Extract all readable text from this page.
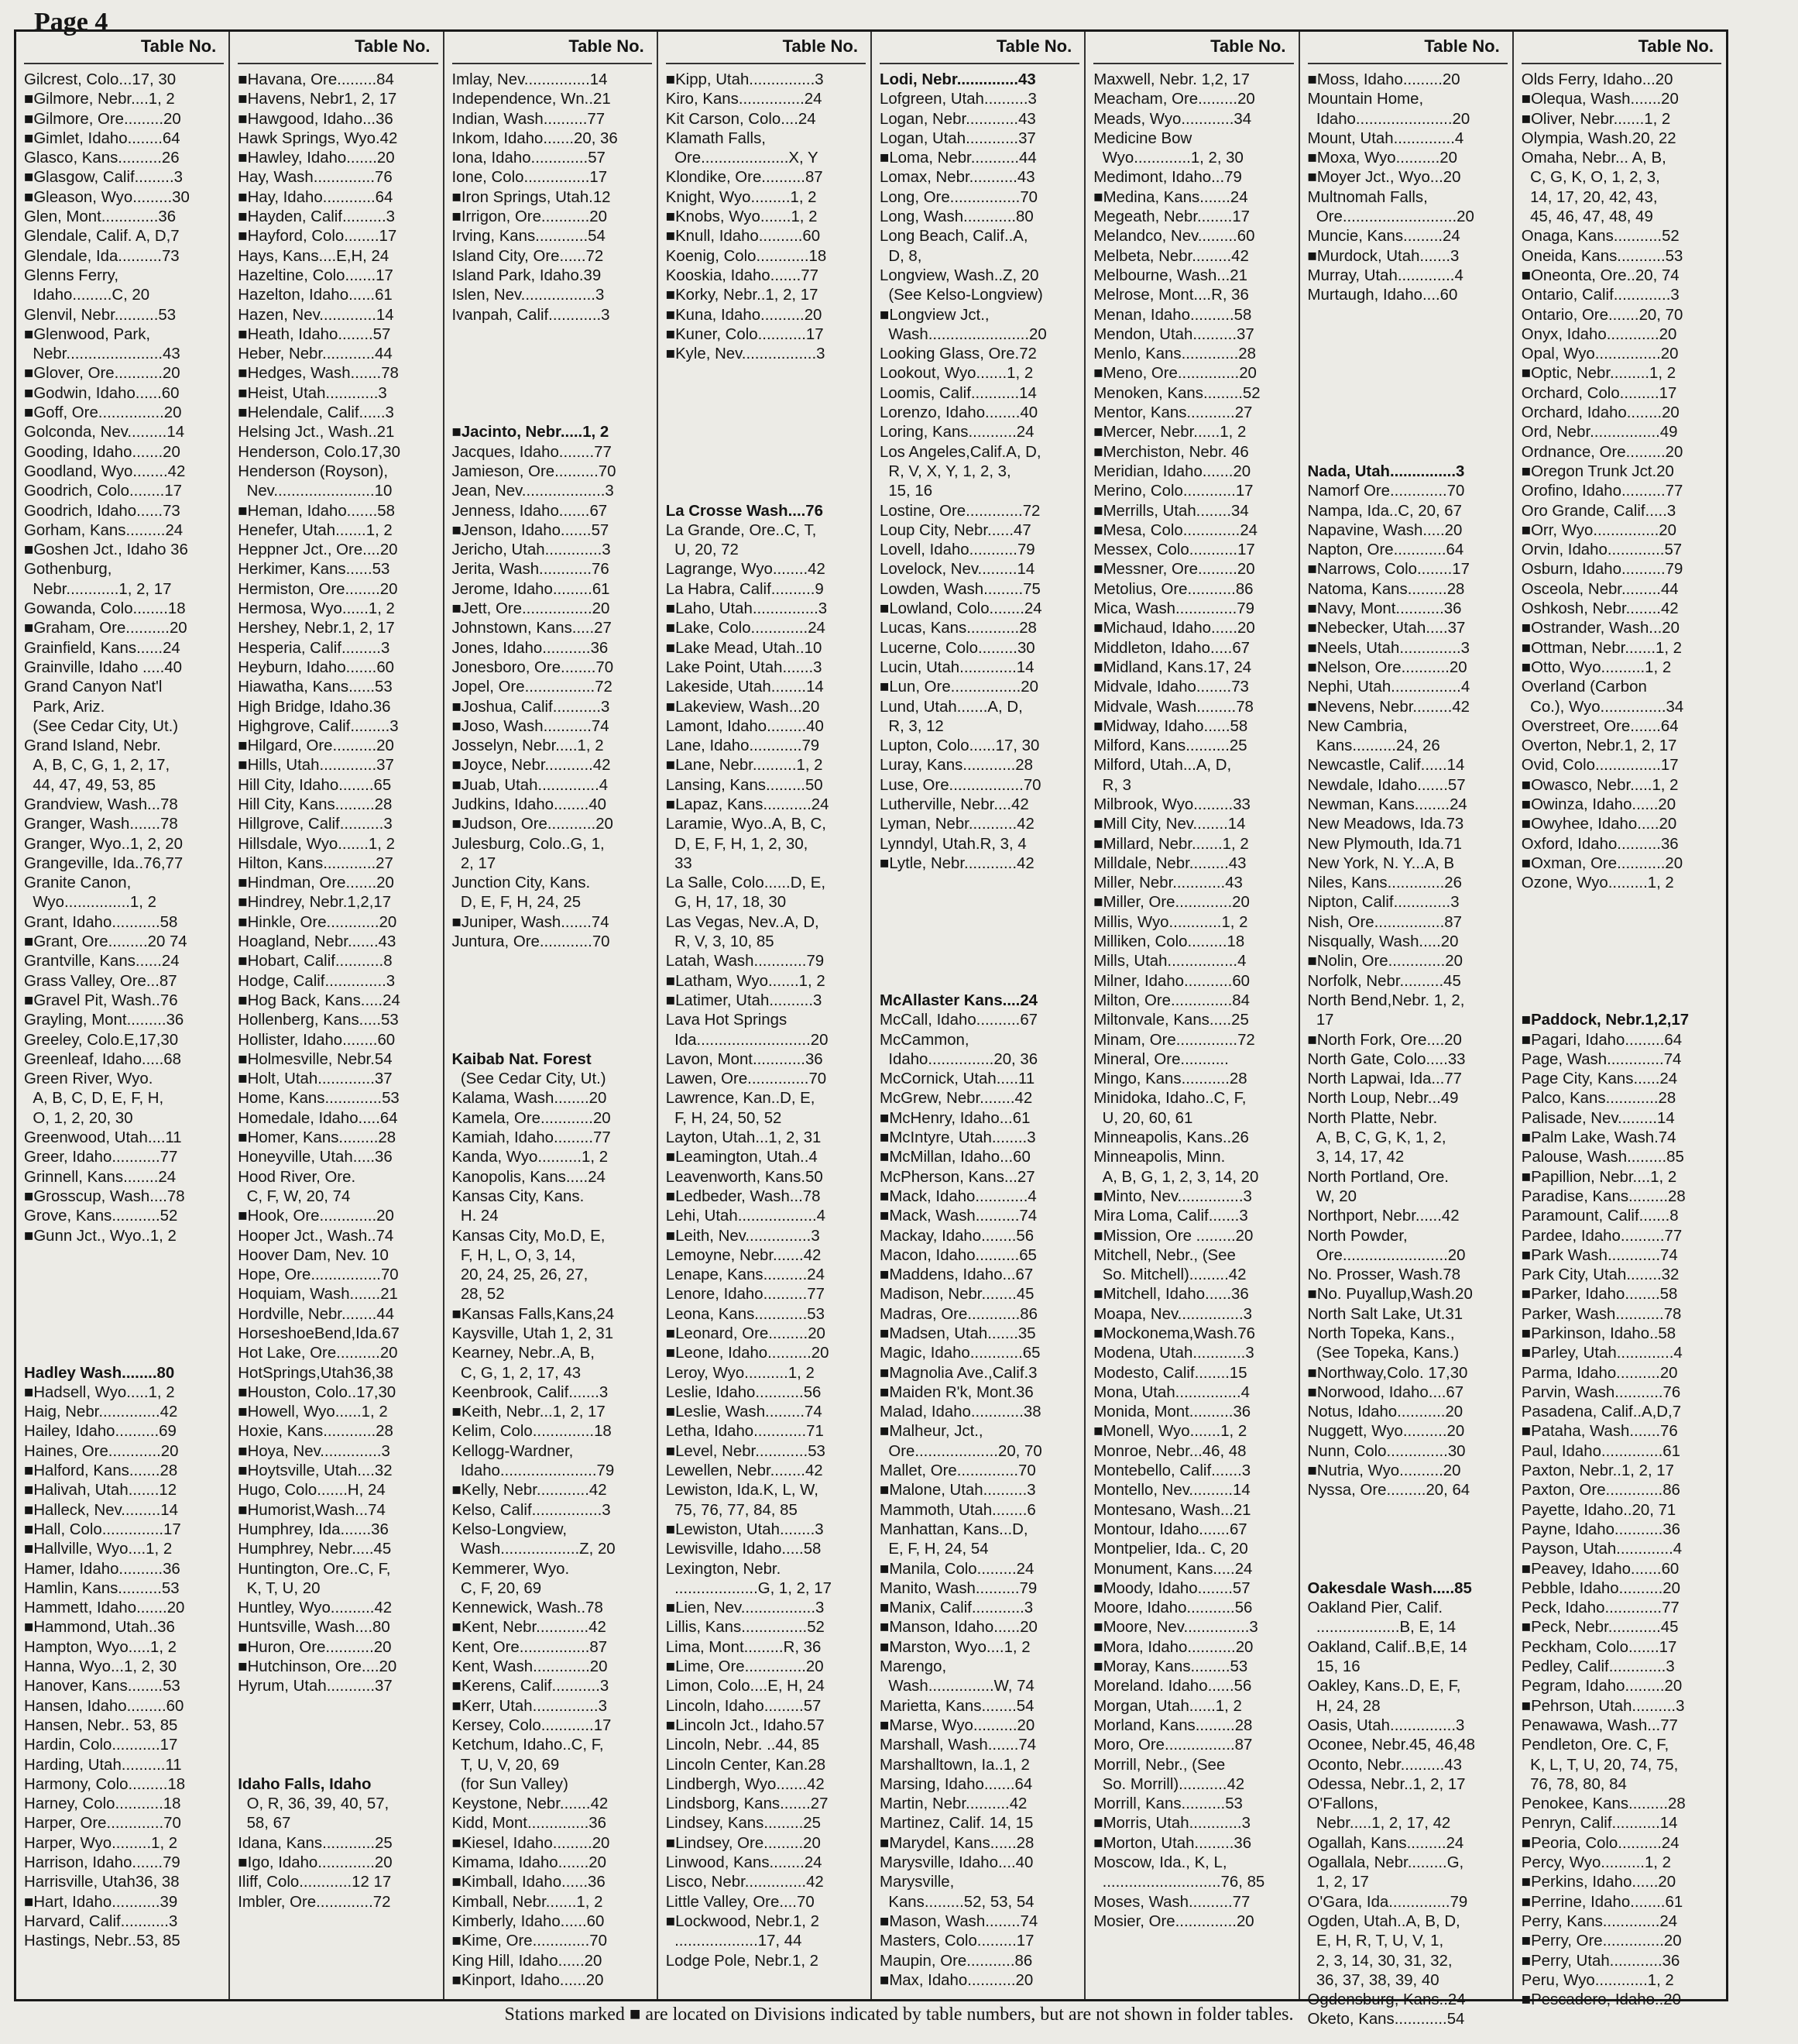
Page 4
Table No.
Gilcrest, Colo...17, 30
■Gilmore, Nebr....1, 2
■Gilmore, Ore.........20
■Gimlet, Idaho........64
Glasco, Kans..........26
■Glasgow, Calif.........3
■Gleason, Wyo.........30
Glen, Mont.............36
Glendale, Calif. A, D,7
Glendale, Ida..........73
Glenns Ferry,
Idaho.........C, 20
Glenvil, Nebr..........53
■Glenwood, Park,
Nebr......................43
■Glover, Ore...........20
■Godwin, Idaho......60
■Goff, Ore...............20
Golconda, Nev.........14
Gooding, Idaho.......20
Goodland, Wyo........42
Goodrich, Colo........17
Goodrich, Idaho......73
Gorham, Kans.........24
■Goshen Jct., Idaho 36
Gothenburg,
Nebr............1, 2, 17
Gowanda, Colo........18
■Graham, Ore..........20
Grainfield, Kans......24
Grainville, Idaho .....40
Grand Canyon Nat'l
Park, Ariz.
(See Cedar City, Ut.)
Grand Island, Nebr.
A, B, C, G, 1, 2, 17,
44, 47, 49, 53, 85
Grandview, Wash...78
Granger, Wash.......78
Granger, Wyo..1, 2, 20
Grangeville, Ida..76,77
Granite Canon,
Wyo...............1, 2
Grant, Idaho...........58
■Grant, Ore.........20 74
Grantville, Kans......24
Grass Valley, Ore...87
■Gravel Pit, Wash..76
Grayling, Mont.........36
Greeley, Colo.E,17,30
Greenleaf, Idaho.....68
Green River, Wyo.
A, B, C, D, E, F, H,
O, 1, 2, 20, 30
Greenwood, Utah....11
Greer, Idaho...........77
Grinnell, Kans........24
■Grosscup, Wash....78
Grove, Kans...........52
■Gunn Jct., Wyo..1, 2

Hadley Wash........80
■Hadsell, Wyo.....1, 2
Haig, Nebr..............42
Hailey, Idaho..........69
Haines, Ore............20
■Halford, Kans.......28
■Halivah, Utah.......12
■Halleck, Nev.........14
■Hall, Colo..............17
■Hallville, Wyo....1, 2
Hamer, Idaho..........36
Hamlin, Kans..........53
Hammett, Idaho.......20
■Hammond, Utah..36
Hampton, Wyo.....1, 2
Hanna, Wyo...1, 2, 30
Hanover, Kans........53
Hansen, Idaho.........60
Hansen, Nebr.. 53, 85
Hardin, Colo...........17
Harding, Utah..........11
Harmony, Colo.........18
Harney, Colo...........18
Harper, Ore.............70
Harper, Wyo.........1, 2
Harrison, Idaho.......79
Harrisville, Utah36, 38
■Hart, Idaho...........39
Harvard, Calif...........3
Hastings, Nebr..53, 85
Table No.
■Havana, Ore.........84
■Havens, Nebr1, 2, 17
■Hawgood, Idaho...36
Hawk Springs, Wyo.42
■Hawley, Idaho.......20
Hay, Wash..............76
■Hay, Idaho............64
■Hayden, Calif..........3
■Hayford, Colo........17
Hays, Kans....E,H, 24
Hazeltine, Colo.......17
Hazelton, Idaho......61
Hazen, Nev.............14
■Heath, Idaho........57
Heber, Nebr............44
■Hedges, Wash.......78
■Heist, Utah............3
■Helendale, Calif......3
Helsing Jct., Wash..21
Henderson, Colo.17,30
Henderson (Royson),
Nev.......................10
■Heman, Idaho.......58
Henefer, Utah.......1, 2
Heppner Jct., Ore....20
Herkimer, Kans......53
Hermiston, Ore........20
Hermosa, Wyo......1, 2
Hershey, Nebr.1, 2, 17
Hesperia, Calif.........3
Heyburn, Idaho.......60
Hiawatha, Kans......53
High Bridge, Idaho.36
Highgrove, Calif.........3
■Hilgard, Ore..........20
■Hills, Utah.............37
Hill City, Idaho........65
Hill City, Kans.........28
Hillgrove, Calif..........3
Hillsdale, Wyo.......1, 2
Hilton, Kans............27
■Hindman, Ore.......20
■Hindrey, Nebr.1,2,17
■Hinkle, Ore............20
Hoagland, Nebr.......43
■Hobart, Calif...........8
Hodge, Calif..............3
■Hog Back, Kans.....24
Hollenberg, Kans.....53
Hollister, Idaho........60
■Holmesville, Nebr.54
■Holt, Utah.............37
Home, Kans.............53
Homedale, Idaho.....64
■Homer, Kans.........28
Honeyville, Utah.....36
Hood River, Ore.
C, F, W, 20, 74
■Hook, Ore.............20
Hooper Jct., Wash..74
Hoover Dam, Nev. 10
Hope, Ore................70
Hoquiam, Wash.......21
Hordville, Nebr........44
HorseshoeBend,Ida.67
Hot Lake, Ore..........20
HotSprings,Utah36,38
■Houston, Colo..17,30
■Howell, Wyo......1, 2
Hoxie, Kans............28
■Hoya, Nev..............3
■Hoytsville, Utah....32
Hugo, Colo.......H, 24
■Humorist,Wash...74
Humphrey, Ida.......36
Humphrey, Nebr.....45
Huntington, Ore..C, F,
K, T, U, 20
Huntley, Wyo..........42
Huntsville, Wash....80
■Huron, Ore...........20
■Hutchinson, Ore....20
Hyrum, Utah...........37

Idaho Falls, Idaho
O, R, 36, 39, 40, 57,
58, 67
Idana, Kans............25
■Igo, Idaho.............20
Iliff, Colo............12 17
Imbler, Ore.............72
Table No.
Imlay, Nev...............14
Independence, Wn..21
Indian, Wash..........77
Inkom, Idaho.......20, 36
Iona, Idaho.............57
Ione, Colo...............17
■Iron Springs, Utah.12
■Irrigon, Ore...........20
Irving, Kans............54
Island City, Ore......72
Island Park, Idaho.39
Islen, Nev.................3
Ivanpah, Calif............3

■Jacinto, Nebr.....1, 2
Jacques, Idaho........77
Jamieson, Ore..........70
Jean, Nev...................3
Jenness, Idaho.......67
■Jenson, Idaho.......57
Jericho, Utah.............3
Jerita, Wash............76
Jerome, Idaho.........61
■Jett, Ore................20
Johnstown, Kans.....27
Jones, Idaho...........36
Jonesboro, Ore........70
Jopel, Ore................72
■Joshua, Calif...........3
■Joso, Wash...........74
Josselyn, Nebr.....1, 2
■Joyce, Nebr...........42
■Juab, Utah..............4
Judkins, Idaho........40
■Judson, Ore...........20
Julesburg, Colo..G, 1,
2, 17
Junction City, Kans.
D, E, F, H, 24, 25
■Juniper, Wash.......74
Juntura, Ore............70

Kaibab Nat. Forest
(See Cedar City, Ut.)
Kalama, Wash........20
Kamela, Ore............20
Kamiah, Idaho.........77
Kanda, Wyo..........1, 2
Kanopolis, Kans.....24
Kansas City, Kans.
H. 24
Kansas City, Mo.D, E,
F, H, L, O, 3, 14,
20, 24, 25, 26, 27,
28, 52
■Kansas Falls,Kans,24
Kaysville, Utah 1, 2, 31
Kearney, Nebr..A, B,
C, G, 1, 2, 17, 43
Keenbrook, Calif.......3
■Keith, Nebr...1, 2, 17
Kelim, Colo..............18
Kellogg-Wardner,
Idaho......................79
■Kelly, Nebr............42
Kelso, Calif................3
Kelso-Longview,
Wash..................Z, 20
Kemmerer, Wyo.
C, F, 20, 69
Kennewick, Wash..78
■Kent, Nebr............42
Kent, Ore................87
Kent, Wash.............20
■Kerens, Calif...........3
■Kerr, Utah...............3
Kersey, Colo............17
Ketchum, Idaho..C, F,
T, U, V, 20, 69
(for Sun Valley)
Keystone, Nebr.......42
Kidd, Mont..............36
■Kiesel, Idaho.........20
Kimama, Idaho.......20
■Kimball, Idaho......36
Kimball, Nebr.......1, 2
Kimberly, Idaho......60
■Kime, Ore.............70
King Hill, Idaho......20
■Kinport, Idaho......20
Table No.
■Kipp, Utah...............3
Kiro, Kans...............24
Kit Carson, Colo....24
Klamath Falls,
Ore....................X, Y
Klondike, Ore..........87
Knight, Wyo.........1, 2
■Knobs, Wyo.......1, 2
■Knull, Idaho..........60
Koenig, Colo............18
Kooskia, Idaho.......77
■Korky, Nebr..1, 2, 17
■Kuna, Idaho..........20
■Kuner, Colo...........17
■Kyle, Nev.................3

La Crosse Wash....76
La Grande, Ore..C, T,
U, 20, 72
Lagrange, Wyo........42
La Habra, Calif..........9
■Laho, Utah...............3
■Lake, Colo.............24
■Lake Mead, Utah..10
Lake Point, Utah.......3
Lakeside, Utah........14
■Lakeview, Wash...20
Lamont, Idaho.........40
Lane, Idaho............79
■Lane, Nebr..........1, 2
Lansing, Kans.........50
■Lapaz, Kans...........24
Laramie, Wyo..A, B, C,
D, E, F, H, 1, 2, 30,
33
La Salle, Colo......D, E,
G, H, 17, 18, 30
Las Vegas, Nev..A, D,
R, V, 3, 10, 85
Latah, Wash............79
■Latham, Wyo.......1, 2
■Latimer, Utah..........3
Lava Hot Springs
Ida..........................20
Lavon, Mont............36
Lawen, Ore..............70
Lawrence, Kan..D, E,
F, H, 24, 50, 52
Layton, Utah...1, 2, 31
■Leamington, Utah..4
Leavenworth, Kans.50
■Ledbeder, Wash...78
Lehi, Utah..................4
■Leith, Nev...............3
Lemoyne, Nebr.......42
Lenape, Kans..........24
Lenore, Idaho..........77
Leona, Kans............53
■Leonard, Ore.........20
■Leone, Idaho..........20
Leroy, Wyo..........1, 2
Leslie, Idaho...........56
■Leslie, Wash.........74
Letha, Idaho............71
■Level, Nebr............53
Lewellen, Nebr........42
Lewiston, Ida.K, L, W,
75, 76, 77, 84, 85
■Lewiston, Utah........3
Lewisville, Idaho.....58
Lexington, Nebr.
...................G, 1, 2, 17
■Lien, Nev.................3
Lillis, Kans...............52
Lima, Mont.........R, 36
■Lime, Ore..............20
Limon, Colo....E, H, 24
Lincoln, Idaho.........57
■Lincoln Jct., Idaho.57
Lincoln, Nebr. ..44, 85
Lincoln Center, Kan.28
Lindbergh, Wyo.......42
Lindsborg, Kans.......27
Lindsey, Kans.........25
■Lindsey, Ore.........20
Linwood, Kans........24
Lisco, Nebr..............42
Little Valley, Ore....70
■Lockwood, Nebr.1, 2
...................17, 44
Lodge Pole, Nebr.1, 2
Table No.
Lodi, Nebr..............43
Lofgreen, Utah..........3
Logan, Nebr............43
Logan, Utah............37
■Loma, Nebr...........44
Lomax, Nebr...........43
Long, Ore................70
Long, Wash............80
Long Beach, Calif..A,
D, 8,
Longview, Wash..Z, 20
(See Kelso-Longview)
■Longview Jct.,
Wash.......................20
Looking Glass, Ore.72
Lookout, Wyo.......1, 2
Loomis, Calif...........14
Lorenzo, Idaho........40
Loring, Kans...........24
Los Angeles,Calif.A, D,
R, V, X, Y, 1, 2, 3,
15, 16
Lostine, Ore.............72
Loup City, Nebr......47
Lovell, Idaho...........79
Lovelock, Nev.........14
Lowden, Wash.........75
■Lowland, Colo........24
Lucas, Kans............28
Lucerne, Colo.........30
Lucin, Utah.............14
■Lun, Ore................20
Lund, Utah.......A, D,
R, 3, 12
Lupton, Colo......17, 30
Luray, Kans............28
Luse, Ore.................70
Lutherville, Nebr....42
Lyman, Nebr...........42
Lynndyl, Utah.R, 3, 4
■Lytle, Nebr............42

McAllaster Kans....24
McCall, Idaho..........67
McCammon,
Idaho...............20, 36
McCornick, Utah.....11
McGrew, Nebr........42
■McHenry, Idaho...61
■McIntyre, Utah........3
■McMillan, Idaho...60
McPherson, Kans...27
■Mack, Idaho............4
■Mack, Wash..........74
Mackay, Idaho........56
Macon, Idaho..........65
■Maddens, Idaho...67
Madison, Nebr........45
Madras, Ore............86
■Madsen, Utah.......35
Magic, Idaho............65
■Magnolia Ave.,Calif.3
■Maiden R'k, Mont.36
Malad, Idaho............38
■Malheur, Jct.,
Ore...................20, 70
Mallet, Ore..............70
■Malone, Utah..........3
Mammoth, Utah........6
Manhattan, Kans...D,
E, F, H, 24, 54
■Manila, Colo.........24
Manito, Wash..........79
■Manix, Calif............3
■Manson, Idaho......20
■Marston, Wyo....1, 2
Marengo,
Wash...............W, 74
Marietta, Kans........54
■Marse, Wyo..........20
Marshall, Wash.......74
Marshalltown, Ia..1, 2
Marsing, Idaho.......64
Martin, Nebr..........42
Martinez, Calif. 14, 15
■Marydel, Kans......28
Marysville, Idaho....40
Marysville,
Kans.........52, 53, 54
■Mason, Wash........74
Masters, Colo.........17
Maupin, Ore...........86
■Max, Idaho...........20
Table No.
Maxwell, Nebr. 1,2, 17
Meacham, Ore.........20
Meads, Wyo............34
Medicine Bow
Wyo.............1, 2, 30
Medimont, Idaho...79
■Medina, Kans.......24
Megeath, Nebr........17
Melandco, Nev.........60
Melbeta, Nebr.........42
Melbourne, Wash...21
Melrose, Mont....R, 36
Menan, Idaho..........58
Mendon, Utah..........37
Menlo, Kans.............28
■Meno, Ore..............20
Menoken, Kans.........52
Mentor, Kans...........27
■Mercer, Nebr......1, 2
■Merchiston, Nebr. 46
Meridian, Idaho.......20
Merino, Colo............17
■Merrills, Utah........34
■Mesa, Colo.............24
Messex, Colo...........17
■Messner, Ore.........20
Metolius, Ore...........86
Mica, Wash..............79
■Michaud, Idaho......20
Middleton, Idaho.....67
■Midland, Kans.17, 24
Midvale, Idaho........73
Midvale, Wash.........78
■Midway, Idaho......58
Milford, Kans..........25
Milford, Utah...A, D,
R, 3
Milbrook, Wyo.........33
■Mill City, Nev........14
■Millard, Nebr.......1, 2
Milldale, Nebr.........43
Miller, Nebr............43
■Miller, Ore.............20
Millis, Wyo............1, 2
Milliken, Colo.........18
Mills, Utah................4
Milner, Idaho...........60
Milton, Ore..............84
Miltonvale, Kans.....25
Minam, Ore..............72
Mineral, Ore...........
Mingo, Kans...........28
Minidoka, Idaho..C, F,
U, 20, 60, 61
Minneapolis, Kans..26
Minneapolis, Minn.
A, B, G, 1, 2, 3, 14, 20
■Minto, Nev...............3
Mira Loma, Calif.......3
■Mission, Ore .........20
Mitchell, Nebr., (See
So. Mitchell).........42
■Mitchell, Idaho......36
Moapa, Nev...............3
■Mockonema,Wash.76
Modena, Utah............3
Modesto, Calif........15
Mona, Utah...............4
Monida, Mont..........36
■Monell, Wyo.......1, 2
Monroe, Nebr...46, 48
Montebello, Calif.......3
Montello, Nev..........14
Montesano, Wash...21
Montour, Idaho.......67
Montpelier, Ida.. C, 20
Monument, Kans.....24
■Moody, Idaho........57
Moore, Idaho...........56
■Moore, Nev...............3
■Mora, Idaho...........20
■Moray, Kans.........53
Moreland. Idaho......56
Morgan, Utah......1, 2
Morland, Kans.........28
Moro, Ore................87
Morrill, Nebr., (See
So. Morrill)...........42
Morrill, Kans..........53
■Morris, Utah............3
■Morton, Utah.........36
Moscow, Ida., K, L,
...........................76, 85
Moses, Wash..........77
Mosier, Ore..............20
Table No.
■Moss, Idaho.........20
Mountain Home,
Idaho......................20
Mount, Utah..............4
■Moxa, Wyo..........20
■Moyer Jct., Wyo...20
Multnomah Falls,
Ore..........................20
Muncie, Kans.........24
■Murdock, Utah.......3
Murray, Utah.............4
Murtaugh, Idaho....60

Nada, Utah...............3
Namorf Ore.............70
Nampa, Ida..C, 20, 67
Napavine, Wash.....20
Napton, Ore............64
■Narrows, Colo........17
Natoma, Kans.........28
■Navy, Mont...........36
■Nebecker, Utah.....37
■Neels, Utah..............3
■Nelson, Ore...........20
Nephi, Utah................4
■Nevens, Nebr.........42
New Cambria,
Kans..........24, 26
Newcastle, Calif......14
Newdale, Idaho.......57
Newman, Kans........24
New Meadows, Ida.73
New Plymouth, Ida.71
New York, N. Y...A, B
Niles, Kans.............26
Nipton, Calif.............3
Nish, Ore................87
Nisqually, Wash.....20
■Nolin, Ore.............20
Norfolk, Nebr..........45
North Bend,Nebr. 1, 2,
17
■North Fork, Ore....20
North Gate, Colo.....33
North Lapwai, Ida...77
North Loup, Nebr...49
North Platte, Nebr.
A, B, C, G, K, 1, 2,
3, 14, 17, 42
North Portland, Ore.
W, 20
Northport, Nebr......42
North Powder,
Ore........................20
No. Prosser, Wash.78
■No. Puyallup,Wash.20
North Salt Lake, Ut.31
North Topeka, Kans.,
(See Topeka, Kans.)
■Northway,Colo. 17,30
■Norwood, Idaho....67
Notus, Idaho...........20
Nuggett, Wyo..........20
Nunn, Colo..............30
■Nutria, Wyo..........20
Nyssa, Ore.........20, 64

Oakesdale Wash.....85
Oakland Pier, Calif.
...................B, E, 14
Oakland, Calif..B,E, 14
15, 16
Oakley, Kans..D, E, F,
H, 24, 28
Oasis, Utah...............3
Oconee, Nebr.45, 46,48
Oconto, Nebr..........43
Odessa, Nebr..1, 2, 17
O'Fallons,
Nebr.....1, 2, 17, 42
Ogallah, Kans.........24
Ogallala, Nebr.........G,
1, 2, 17
O'Gara, Ida..............79
Ogden, Utah..A, B, D,
E, H, R, T, U, V, 1,
2, 3, 14, 30, 31, 32,
36, 37, 38, 39, 40
Ogdensburg, Kans..24
Oketo, Kans............54
Table No.
Olds Ferry, Idaho...20
■Olequa, Wash.......20
■Oliver, Nebr.......1, 2
Olympia, Wash.20, 22
Omaha, Nebr... A, B,
C, G, K, O, 1, 2, 3,
14, 17, 20, 42, 43,
45, 46, 47, 48, 49
Onaga, Kans...........52
Oneida, Kans...........53
■Oneonta, Ore..20, 74
Ontario, Calif.............3
Ontario, Ore.......20, 70
Onyx, Idaho............20
Opal, Wyo...............20
■Optic, Nebr.........1, 2
Orchard, Colo.........17
Orchard, Idaho........20
Ord, Nebr................49
Ordnance, Ore.........20
■Oregon Trunk Jct.20
Orofino, Idaho..........77
Oro Grande, Calif.....3
■Orr, Wyo...............20
Orvin, Idaho.............57
Osburn, Idaho..........79
Osceola, Nebr.........44
Oshkosh, Nebr........42
■Ostrander, Wash...20
■Ottman, Nebr.......1, 2
■Otto, Wyo..........1, 2
Overland (Carbon
Co.), Wyo...............34
Overstreet, Ore.......64
Overton, Nebr.1, 2, 17
Ovid, Colo...............17
■Owasco, Nebr.....1, 2
■Owinza, Idaho......20
■Owyhee, Idaho.....20
Oxford, Idaho..........36
■Oxman, Ore...........20
Ozone, Wyo.........1, 2

■Paddock, Nebr.1,2,17
■Pagari, Idaho.........64
Page, Wash.............74
Page City, Kans......24
Palco, Kans............28
Palisade, Nev.........14
■Palm Lake, Wash.74
Palouse, Wash.........85
■Papillion, Nebr....1, 2
Paradise, Kans.........28
Paramount, Calif.......8
Pardee, Idaho..........77
■Park Wash............74
Park City, Utah........32
■Parker, Idaho........58
Parker, Wash...........78
■Parkinson, Idaho..58
■Parley, Utah.............4
Parma, Idaho..........20
Parvin, Wash...........76
Pasadena, Calif..A,D,7
■Pataha, Wash.......76
Paul, Idaho..............61
Paxton, Nebr..1, 2, 17
Paxton, Ore.............86
Payette, Idaho..20, 71
Payne, Idaho...........36
Payson, Utah.............4
■Peavey, Idaho.......60
Pebble, Idaho..........20
Peck, Idaho.............77
■Peck, Nebr............45
Peckham, Colo.......17
Pedley, Calif.............3
Pegram, Idaho.........20
■Pehrson, Utah..........3
Penawawa, Wash...77
Pendleton, Ore. C, F,
K, L, T, U, 20, 74, 75,
76, 78, 80, 84
Penokee, Kans.........28
Penryn, Calif...........14
■Peoria, Colo..........24
Percy, Wyo..........1, 2
■Perkins, Idaho......20
■Perrine, Idaho........61
Perry, Kans.............24
■Perry, Ore..............20
■Perry, Utah............36
Peru, Wyo............1, 2
■Pescadero, Idaho..20
Stations marked ■ are located on Divisions indicated by table numbers, but are not shown in folder tables.
